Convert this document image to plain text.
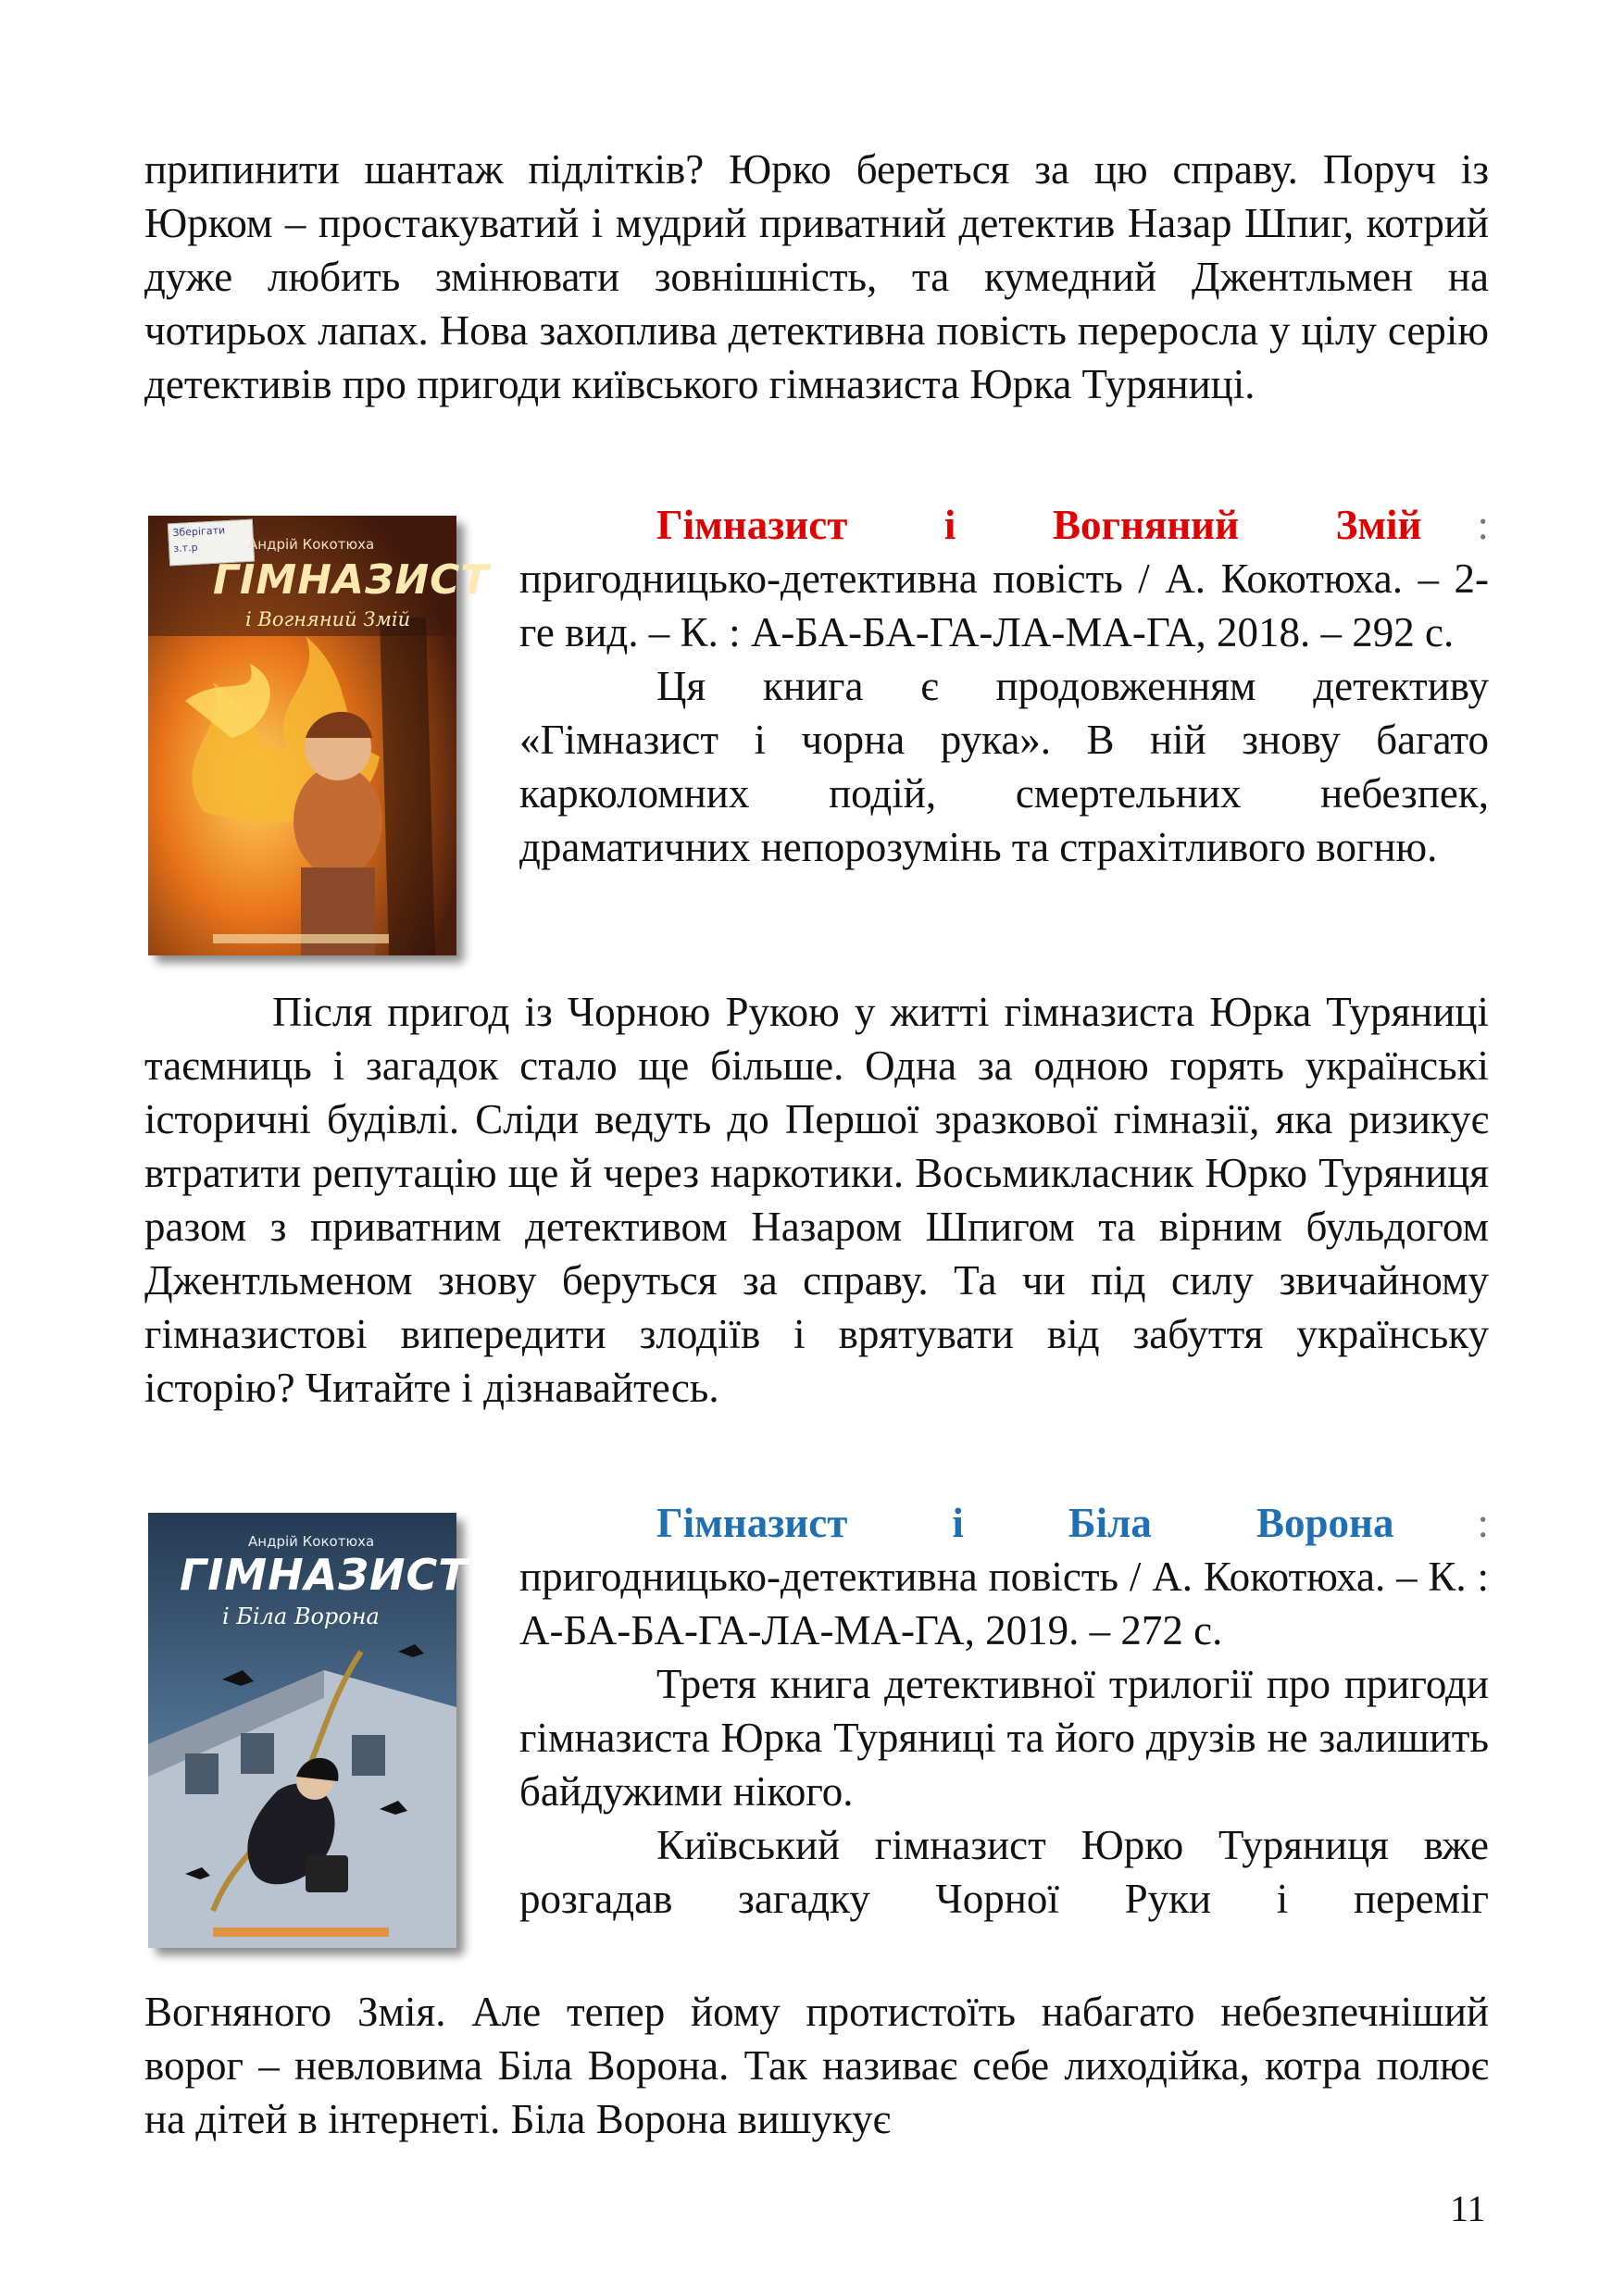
припинити шантаж підлітків? Юрко береться за цю справу. Поруч із Юрком – простакуватий і мудрий приватний детектив Назар Шпиг, котрий дуже любить змінювати зовнішність, та кумедний Джентльмен на чотирьох лапах. Нова захоплива детективна повість переросла у цілу серію детективів про пригоди київського гімназиста Юрка Туряниці.
Зберігати
з.т.р	Андрій Кокотюха
ГІМНАЗИСТ
і Вогняний Змій
Гімназист і Вогняний Змій :
пригодницько-детективна повість / А. Кокотюха. – 2-ге вид. – К. : А-БА-БА-ГА-ЛА-МА-ГА, 2018. – 292 с.
Ця книга є продовженням детективу «Гімназист і чорна рука». В ній знову багато карколомних подій, смертельних небезпек, драматичних непорозумінь та страхітливого вогню.
Після пригод із Чорною Рукою у житті гімназиста Юрка Туряниці таємниць і загадок стало ще більше. Одна за одною горять українські історичні будівлі. Сліди ведуть до Першої зразкової гімназії, яка ризикує втратити репутацію ще й через наркотики. Восьмикласник Юрко Туряниця разом з приватним детективом Назаром Шпигом та вірним бульдогом Джентльменом знову беруться за справу. Та чи під силу звичайному гімназистові випередити злодіїв і врятувати від забуття українську історію? Читайте і дізнавайтесь.
Андрій Кокотюха
ГІМНАЗИСТ
і Біла Ворона
Гімназист	і	Біла	Ворона :
пригодницько-детективна повість / А. Кокотюха. – К. : А-БА-БА-ГА-ЛА-МА-ГА, 2019. – 272 с.
Третя книга детективної трилогії про пригоди гімназиста Юрка Туряниці та його друзів не залишить байдужими нікого.
Київський гімназист Юрко Туряниця вже розгадав загадку Чорної Руки і переміг
Вогняного Змія. Але тепер йому протистоїть набагато небезпечніший ворог – невловима Біла Ворона. Так називає себе лиходійка, котра полює на дітей в інтернеті. Біла Ворона вишукує
11
